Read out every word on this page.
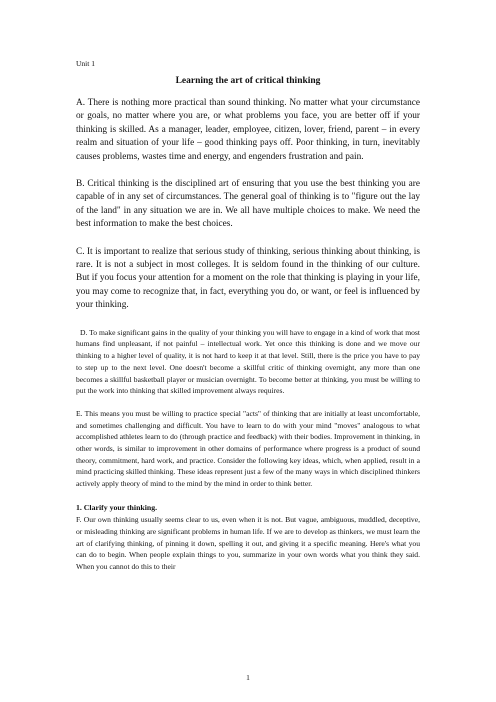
Unit 1

Learning the art of critical thinking

A. There is nothing more practical than sound thinking. No matter what your circumstance or goals, no matter where you are, or what problems you face, you are better off if your thinking is skilled. As a manager, leader, employee, citizen, lover, friend, parent – in every realm and situation of your life – good thinking pays off. Poor thinking, in turn, inevitably causes problems, wastes time and energy, and engenders frustration and pain.

B. Critical thinking is the disciplined art of ensuring that you use the best thinking you are capable of in any set of circumstances. The general goal of thinking is to "figure out the lay of the land" in any situation we are in. We all have multiple choices to make. We need the best information to make the best choices.

C. It is important to realize that serious study of thinking, serious thinking about thinking, is rare. It is not a subject in most colleges. It is seldom found in the thinking of our culture. But if you focus your attention for a moment on the role that thinking is playing in your life, you may come to recognize that, in fact, everything you do, or want, or feel is influenced by your thinking.

D. To make significant gains in the quality of your thinking you will have to engage in a kind of work that most humans find unpleasant, if not painful – intellectual work. Yet once this thinking is done and we move our thinking to a higher level of quality, it is not hard to keep it at that level. Still, there is the price you have to pay to step up to the next level. One doesn't become a skillful critic of thinking overnight, any more than one becomes a skillful basketball player or musician overnight. To become better at thinking, you must be willing to put the work into thinking that skilled improvement always requires.

E. This means you must be willing to practice special "acts" of thinking that are initially at least uncomfortable, and sometimes challenging and difficult. You have to learn to do with your mind "moves" analogous to what accomplished athletes learn to do (through practice and feedback) with their bodies. Improvement in thinking, in other words, is similar to improvement in other domains of performance where progress is a product of sound theory, commitment, hard work, and practice. Consider the following key ideas, which, when applied, result in a mind practicing skilled thinking. These ideas represent just a few of the many ways in which disciplined thinkers actively apply theory of mind to the mind by the mind in order to think better.

1. Clarify your thinking.

F. Our own thinking usually seems clear to us, even when it is not. But vague, ambiguous, muddled, deceptive, or misleading thinking are significant problems in human life. If we are to develop as thinkers, we must learn the art of clarifying thinking, of pinning it down, spelling it out, and giving it a specific meaning. Here's what you can do to begin. When people explain things to you, summarize in your own words what you think they said. When you cannot do this to their

1
